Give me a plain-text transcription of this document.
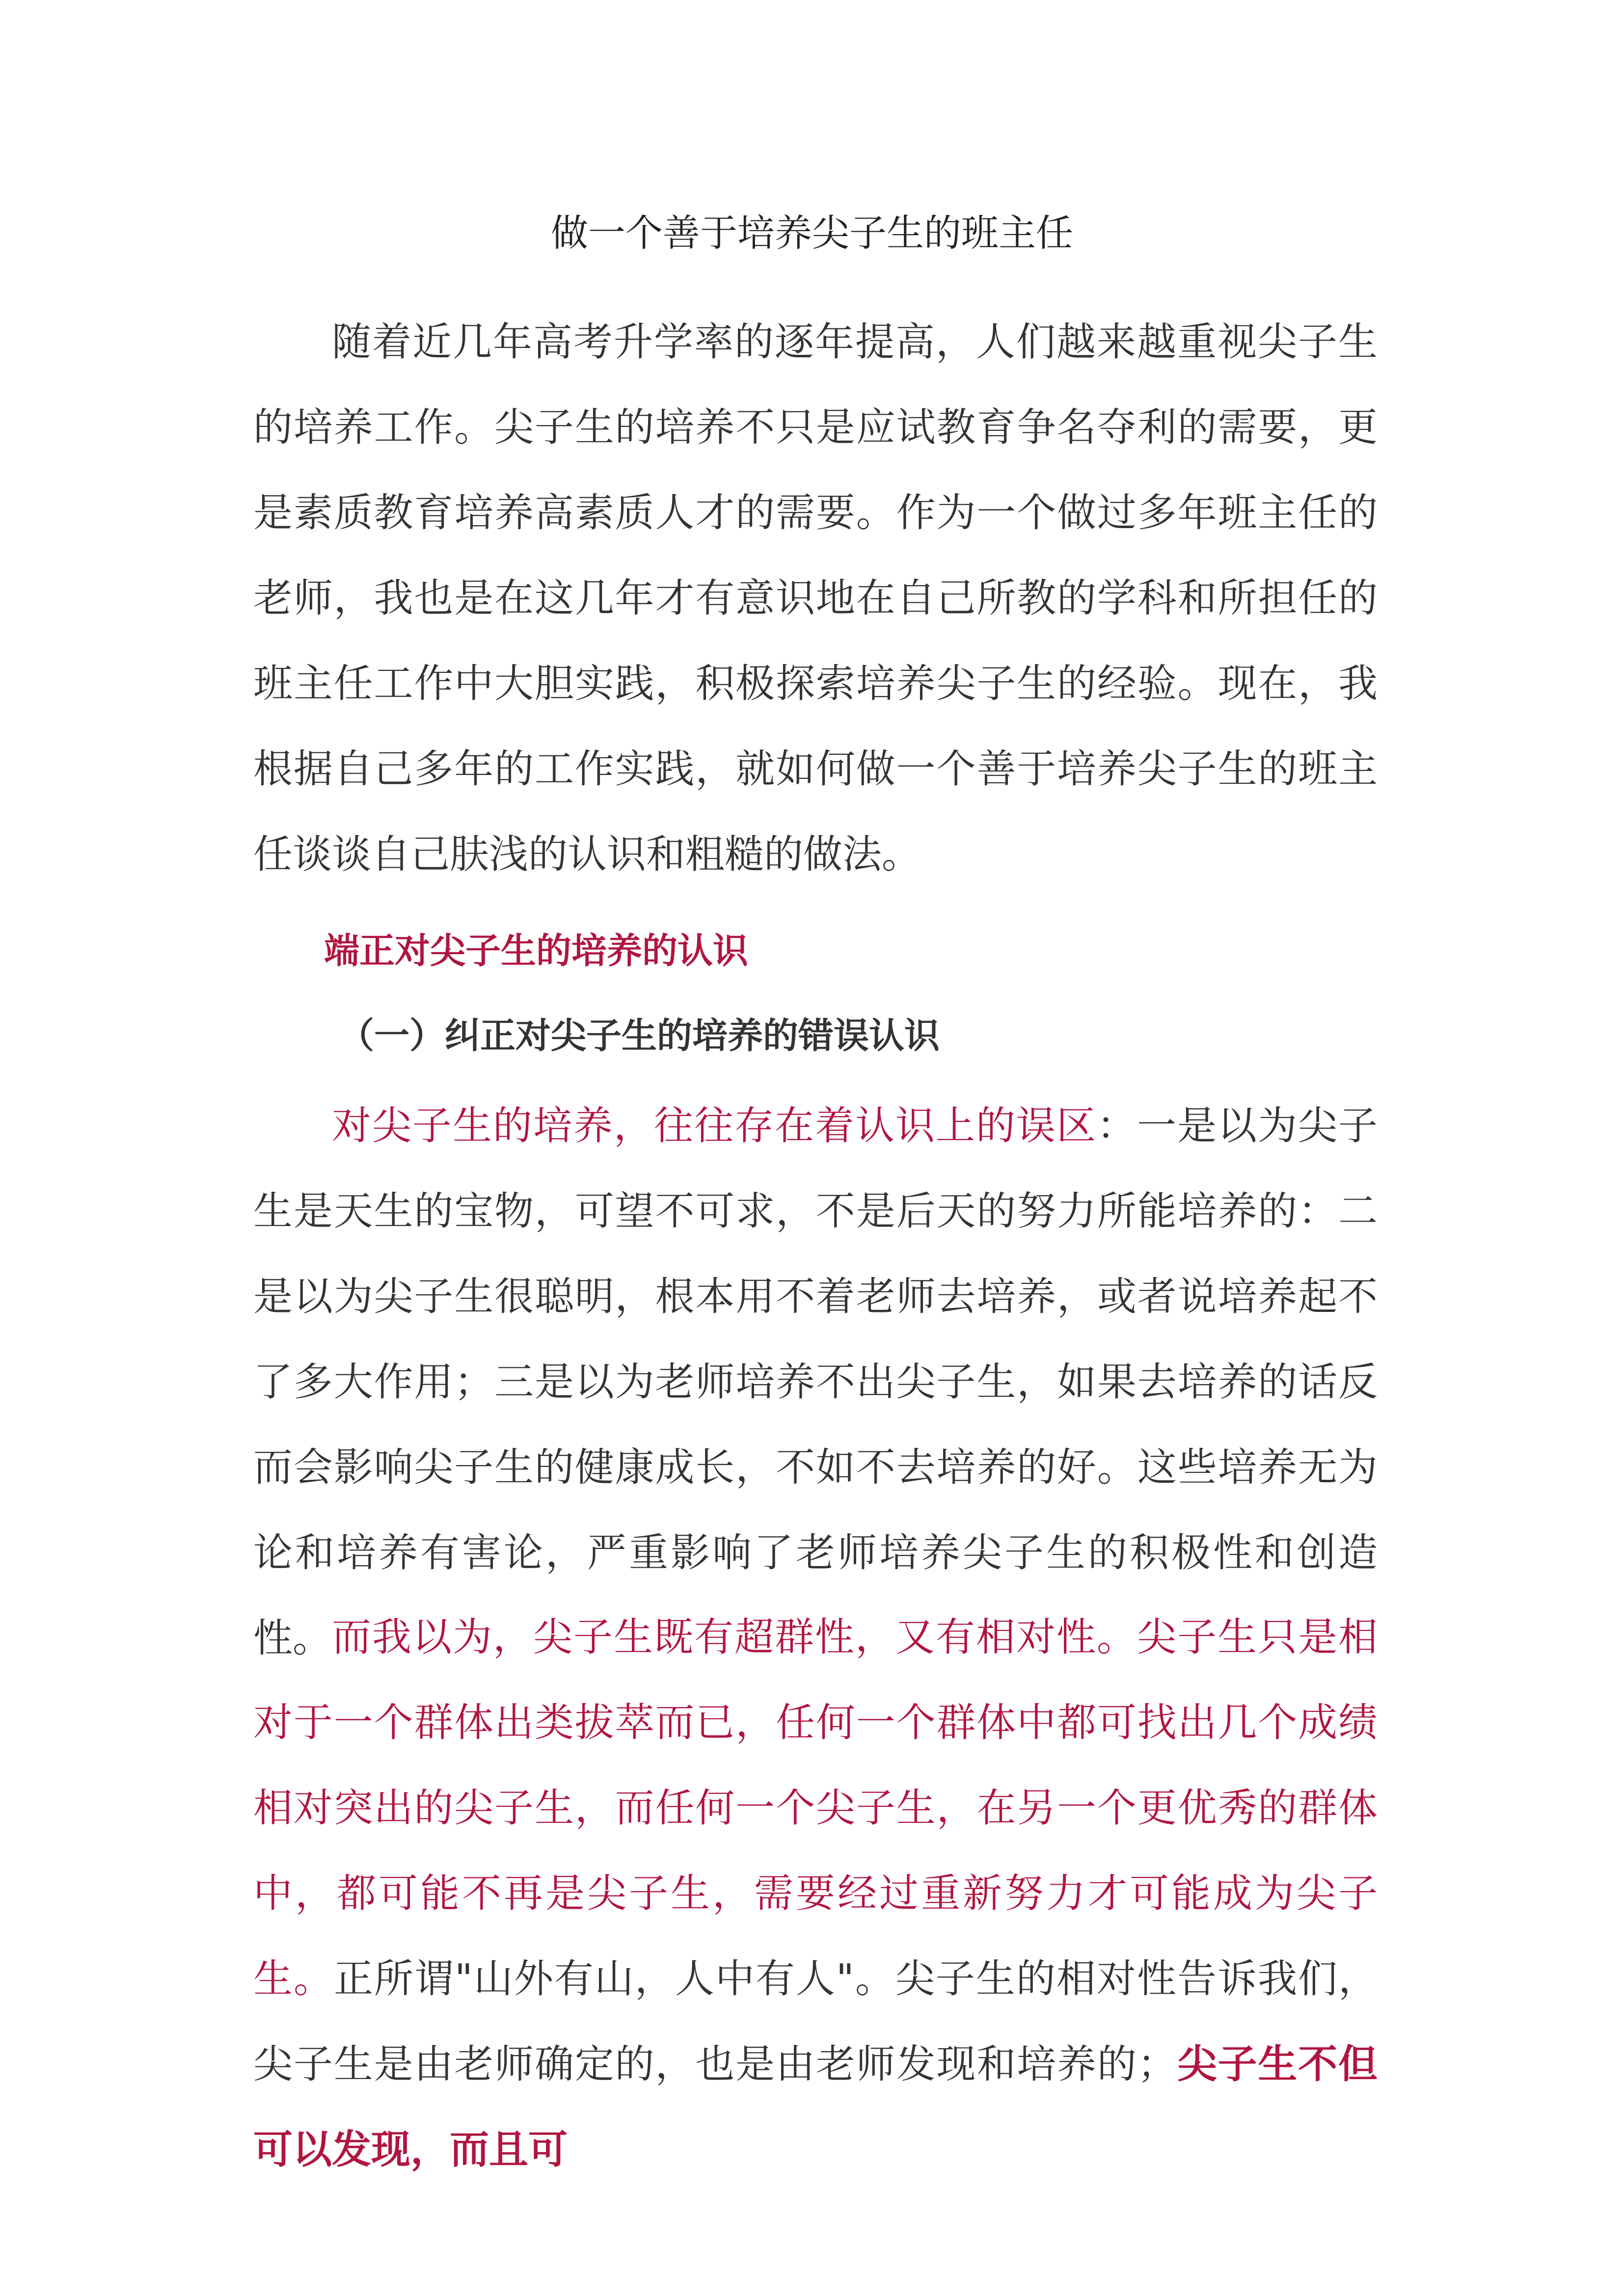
做一个善于培养尖子生的班主任

随着近几年高考升学率的逐年提高，人们越来越重视尖子生的培养工作。尖子生的培养不只是应试教育争名夺利的需要，更是素质教育培养高素质人才的需要。作为一个做过多年班主任的老师，我也是在这几年才有意识地在自己所教的学科和所担任的班主任工作中大胆实践，积极探索培养尖子生的经验。现在，我根据自己多年的工作实践，就如何做一个善于培养尖子生的班主任谈谈自己肤浅的认识和粗糙的做法。

端正对尖子生的培养的认识
（一）纠正对尖子生的培养的错误认识

对尖子生的培养，往往存在着认识上的误区：一是以为尖子生是天生的宝物，可望不可求，不是后天的努力所能培养的：二是以为尖子生很聪明，根本用不着老师去培养，或者说培养起不了多大作用；三是以为老师培养不出尖子生，如果去培养的话反而会影响尖子生的健康成长，不如不去培养的好。这些培养无为论和培养有害论，严重影响了老师培养尖子生的积极性和创造性。 而我以为，尖子生既有超群性，又有相对性。尖子生只是相对于一个群体出类拔萃而已，任何一个群体中都可找出几个成绩相对突出的尖子生，而任何一个尖子生，在另一个更优秀的群体中，都可能不再是尖子生，需要经过重新努力才可能成为尖子生。正所谓"山外有山，人中有人"。尖子生的相对性告诉我们，尖子生是由老师确定的，也是由老师发现和培养的；尖子生不但可以发现，而且可
